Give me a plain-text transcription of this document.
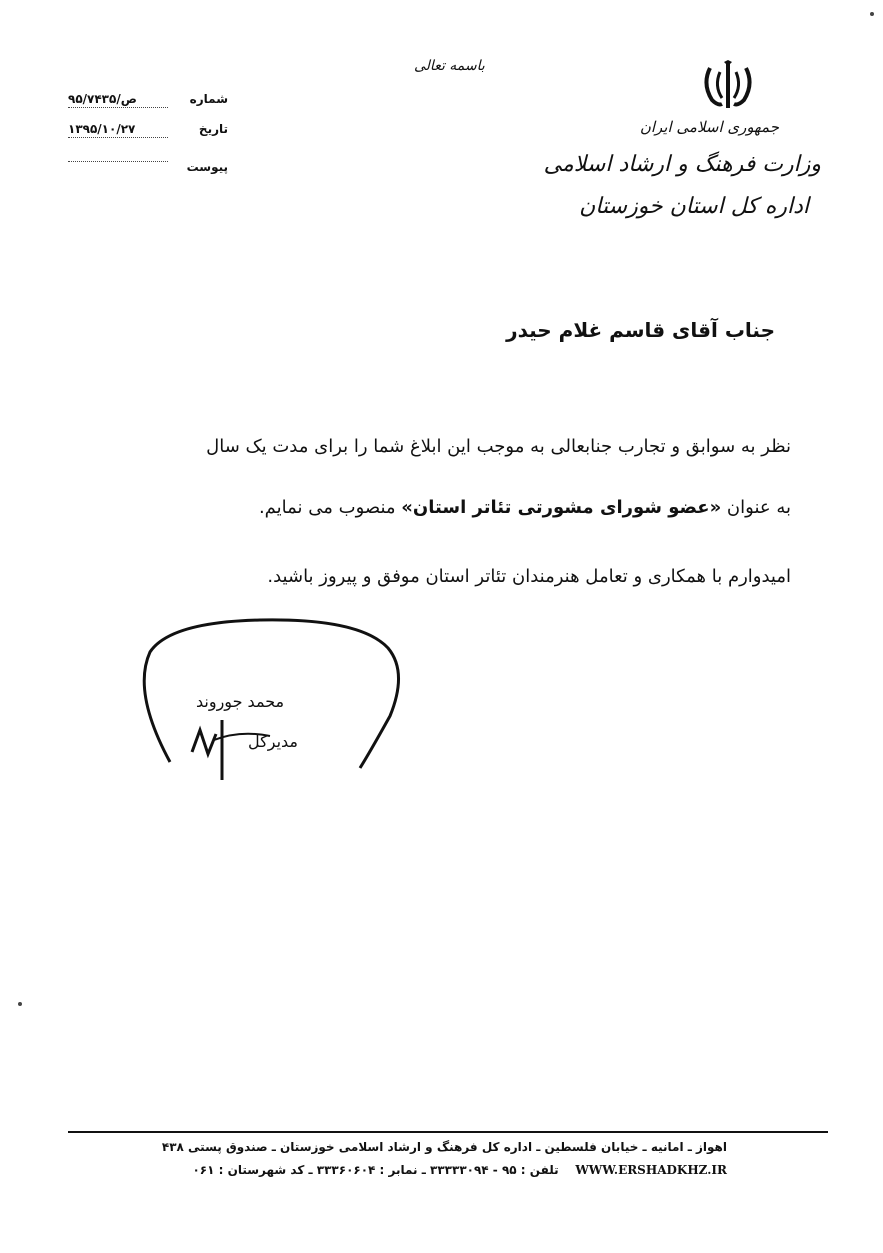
باسمه تعالی
جمهوری اسلامی ایران
وزارت فرهنگ و ارشاد اسلامی
اداره کل استان خوزستان
شماره
۹۵/ص/۷۴۳۵
تاریخ
۱۳۹۵/۱۰/۲۷
پیوست
جناب آقای قاسم غلام حیدر
نظر به سوابق و تجارب جنابعالی به موجب این ابلاغ شما را برای مدت یک سال
به عنوان «عضو شورای مشورتی تئاتر استان» منصوب می نمایم.
امیدوارم با همکاری و تعامل هنرمندان تئاتر استان موفق و پیروز باشید.
محمد جوروند
مدیرکل
اهواز ـ امانیه ـ خیابان فلسطین ـ اداره کل فرهنگ و ارشاد اسلامی خوزستان ـ صندوق پستی ۴۳۸
تلفن : ۹۵ - ۳۳۳۳۳۰۹۴ ـ نمابر : ۳۳۳۶۰۶۰۴ ـ کد شهرستان : ۰۶۱ WWW.ERSHADKHZ.IR
